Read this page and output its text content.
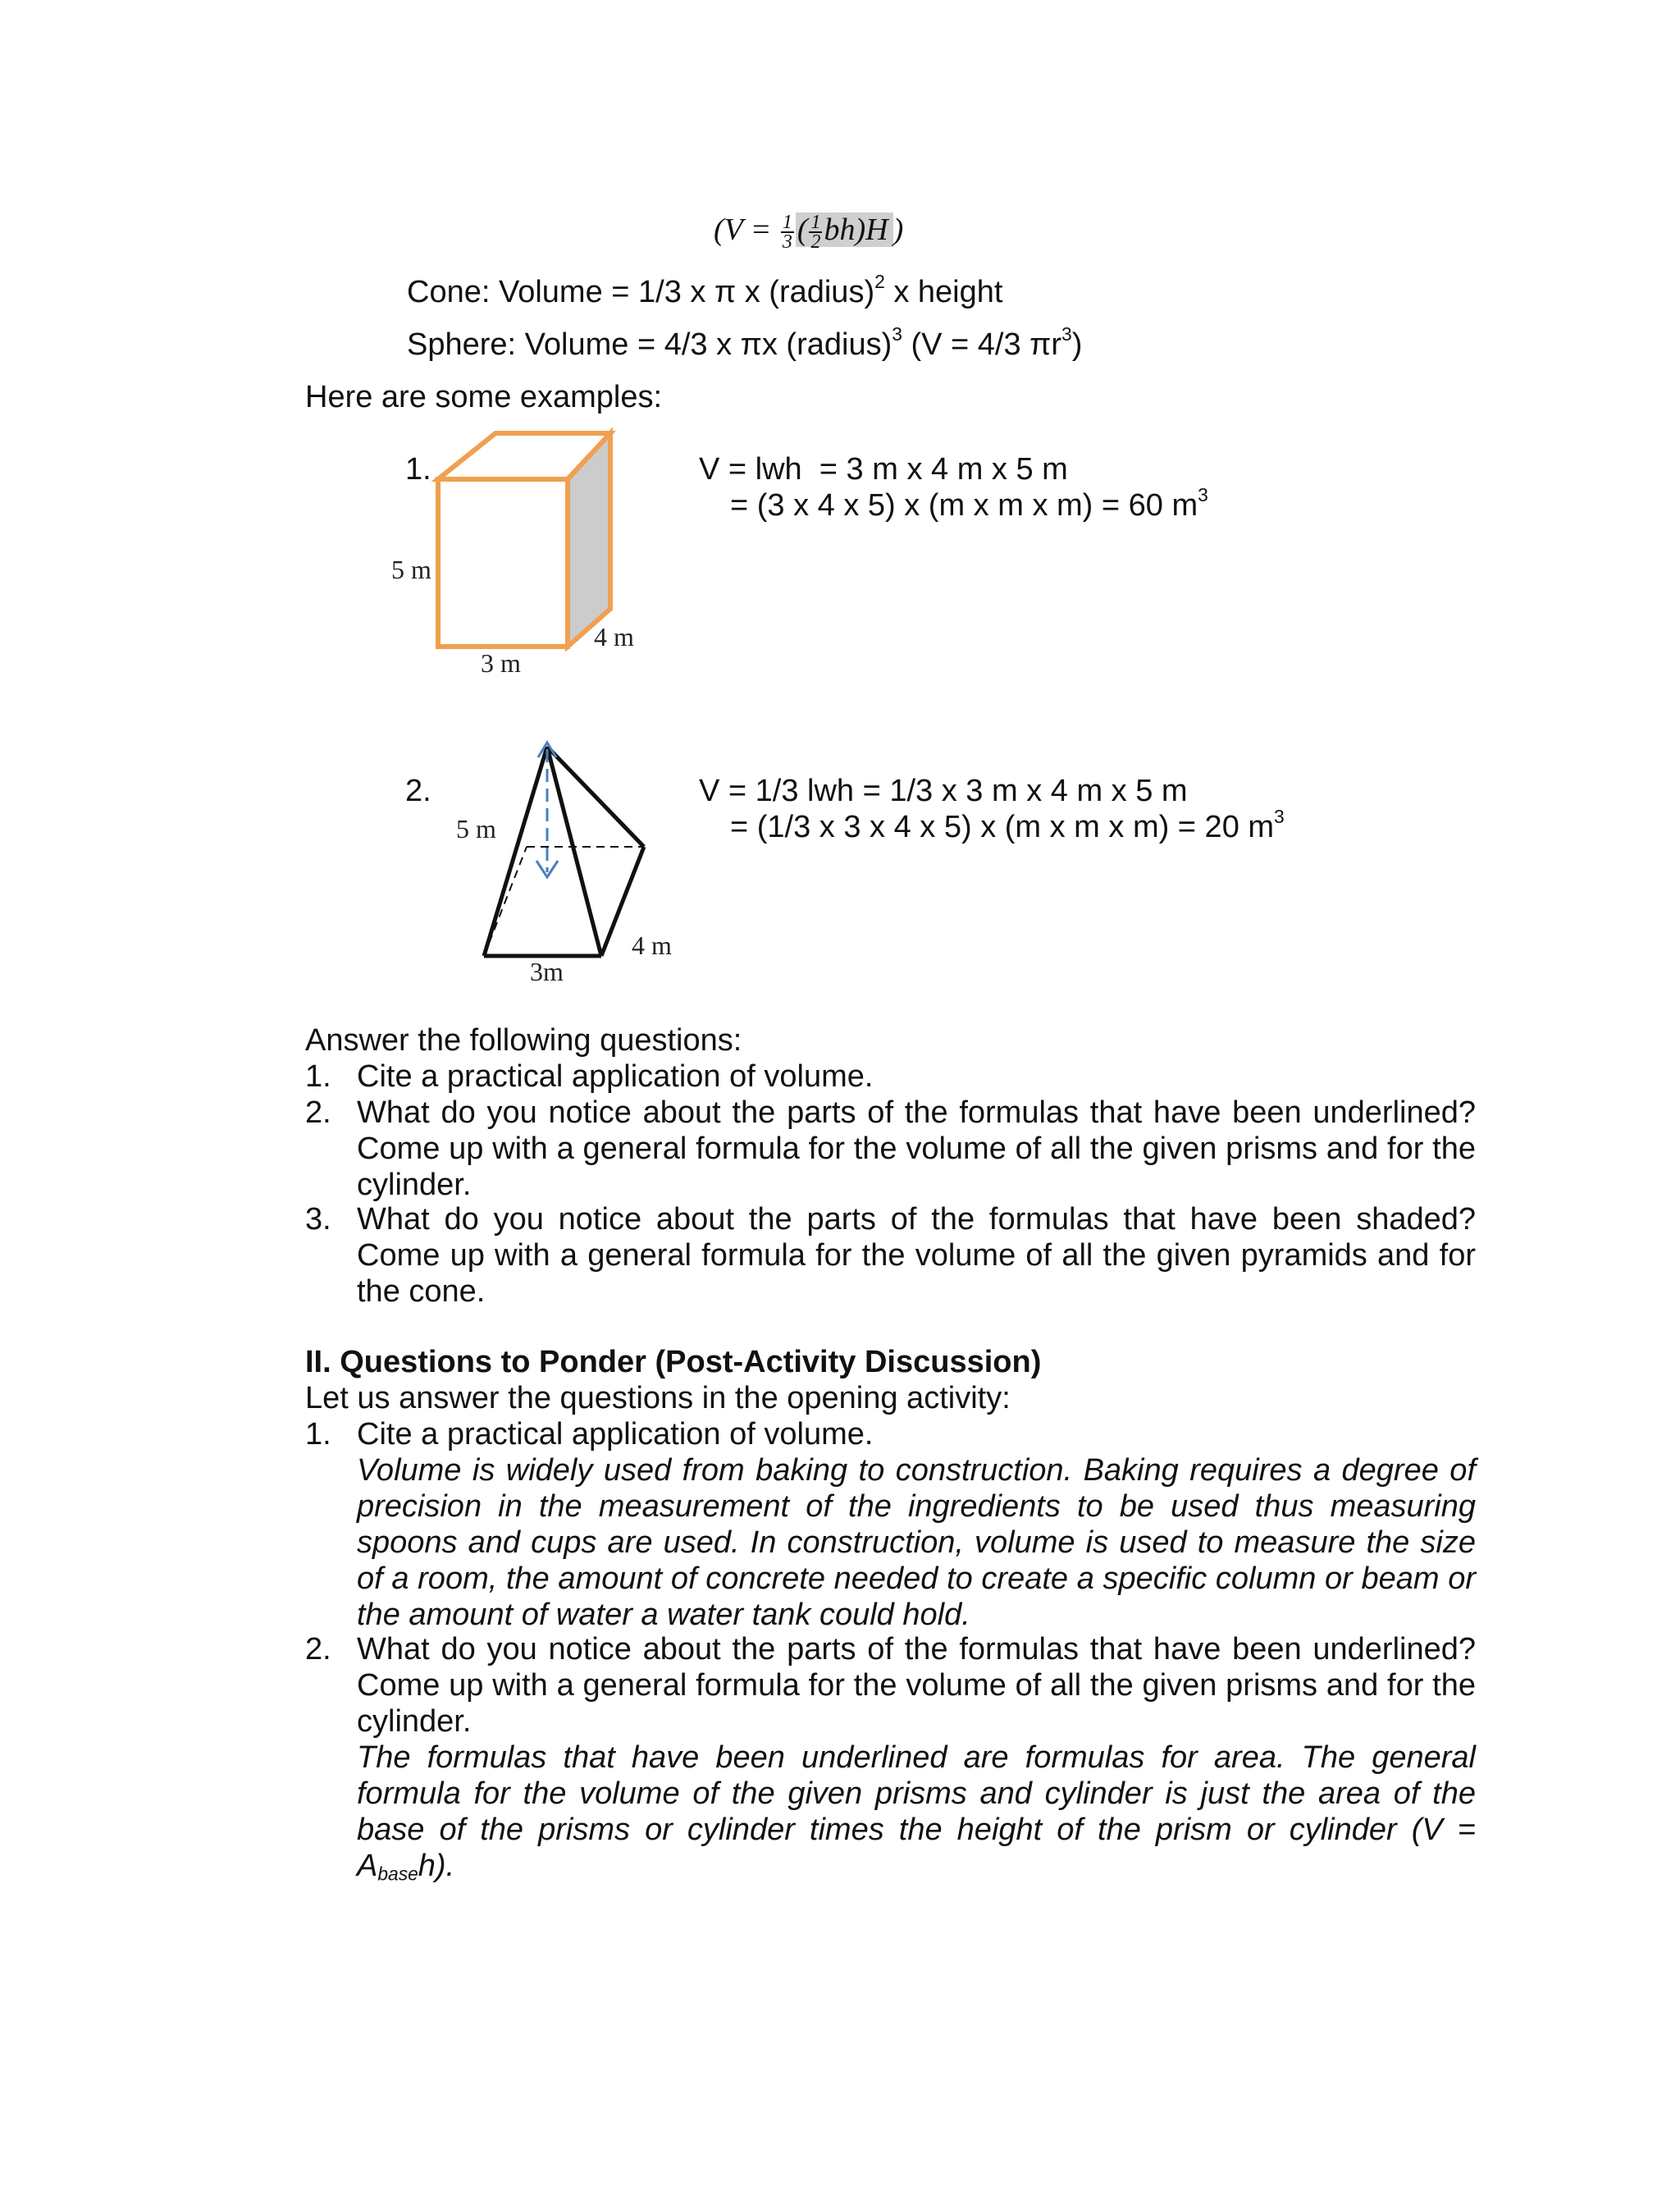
($V = \frac{1}{3}$ ( $\frac{1}{2} bh)H$ )
Cone: Volume = 1/3 x π x (radius)$^2$ x height
Sphere: Volume = 4/3 x πx (radius)$^3$ (V = 4/3 $\pi r^3$)
Here are some examples:
1.
5 m
3 m
4 m
V = lwh  = 3 m x 4 m x 5 m
= (3 x 4 x 5) x (m x m x m) = 60 $m^3$
2.
5 m
3m
4 m
V = 1/3 lwh = 1/3 x 3 m x 4 m x 5 m
= (1/3 x 3 x 4 x 5) x (m x m x m) = 20 $m^3$
Answer the following questions:
1. Cite a practical application of volume.
2. What do you notice about the parts of the formulas that have been underlined? Come up with a general formula for the volume of all the given prisms and for the cylinder.
3. What do you notice about the parts of the formulas that have been shaded? Come up with a general formula for the volume of all the given pyramids and for the cone.
II. Questions to Ponder (Post-Activity Discussion)
Let us answer the questions in the opening activity:
1. Cite a practical application of volume.
Volume is widely used from baking to construction. Baking requires a degree of precision in the measurement of the ingredients to be used thus measuring spoons and cups are used. In construction, volume is used to measure the size of a room, the amount of concrete needed to create a specific column or beam or the amount of water a water tank could hold.
2. What do you notice about the parts of the formulas that have been underlined? Come up with a general formula for the volume of all the given prisms and for the cylinder.
The formulas that have been underlined are formulas for area. The general formula for the volume of the given prisms and cylinder is just the area of the base of the prisms or cylinder times the height of the prism or cylinder $(V = A_{base}h)$.
